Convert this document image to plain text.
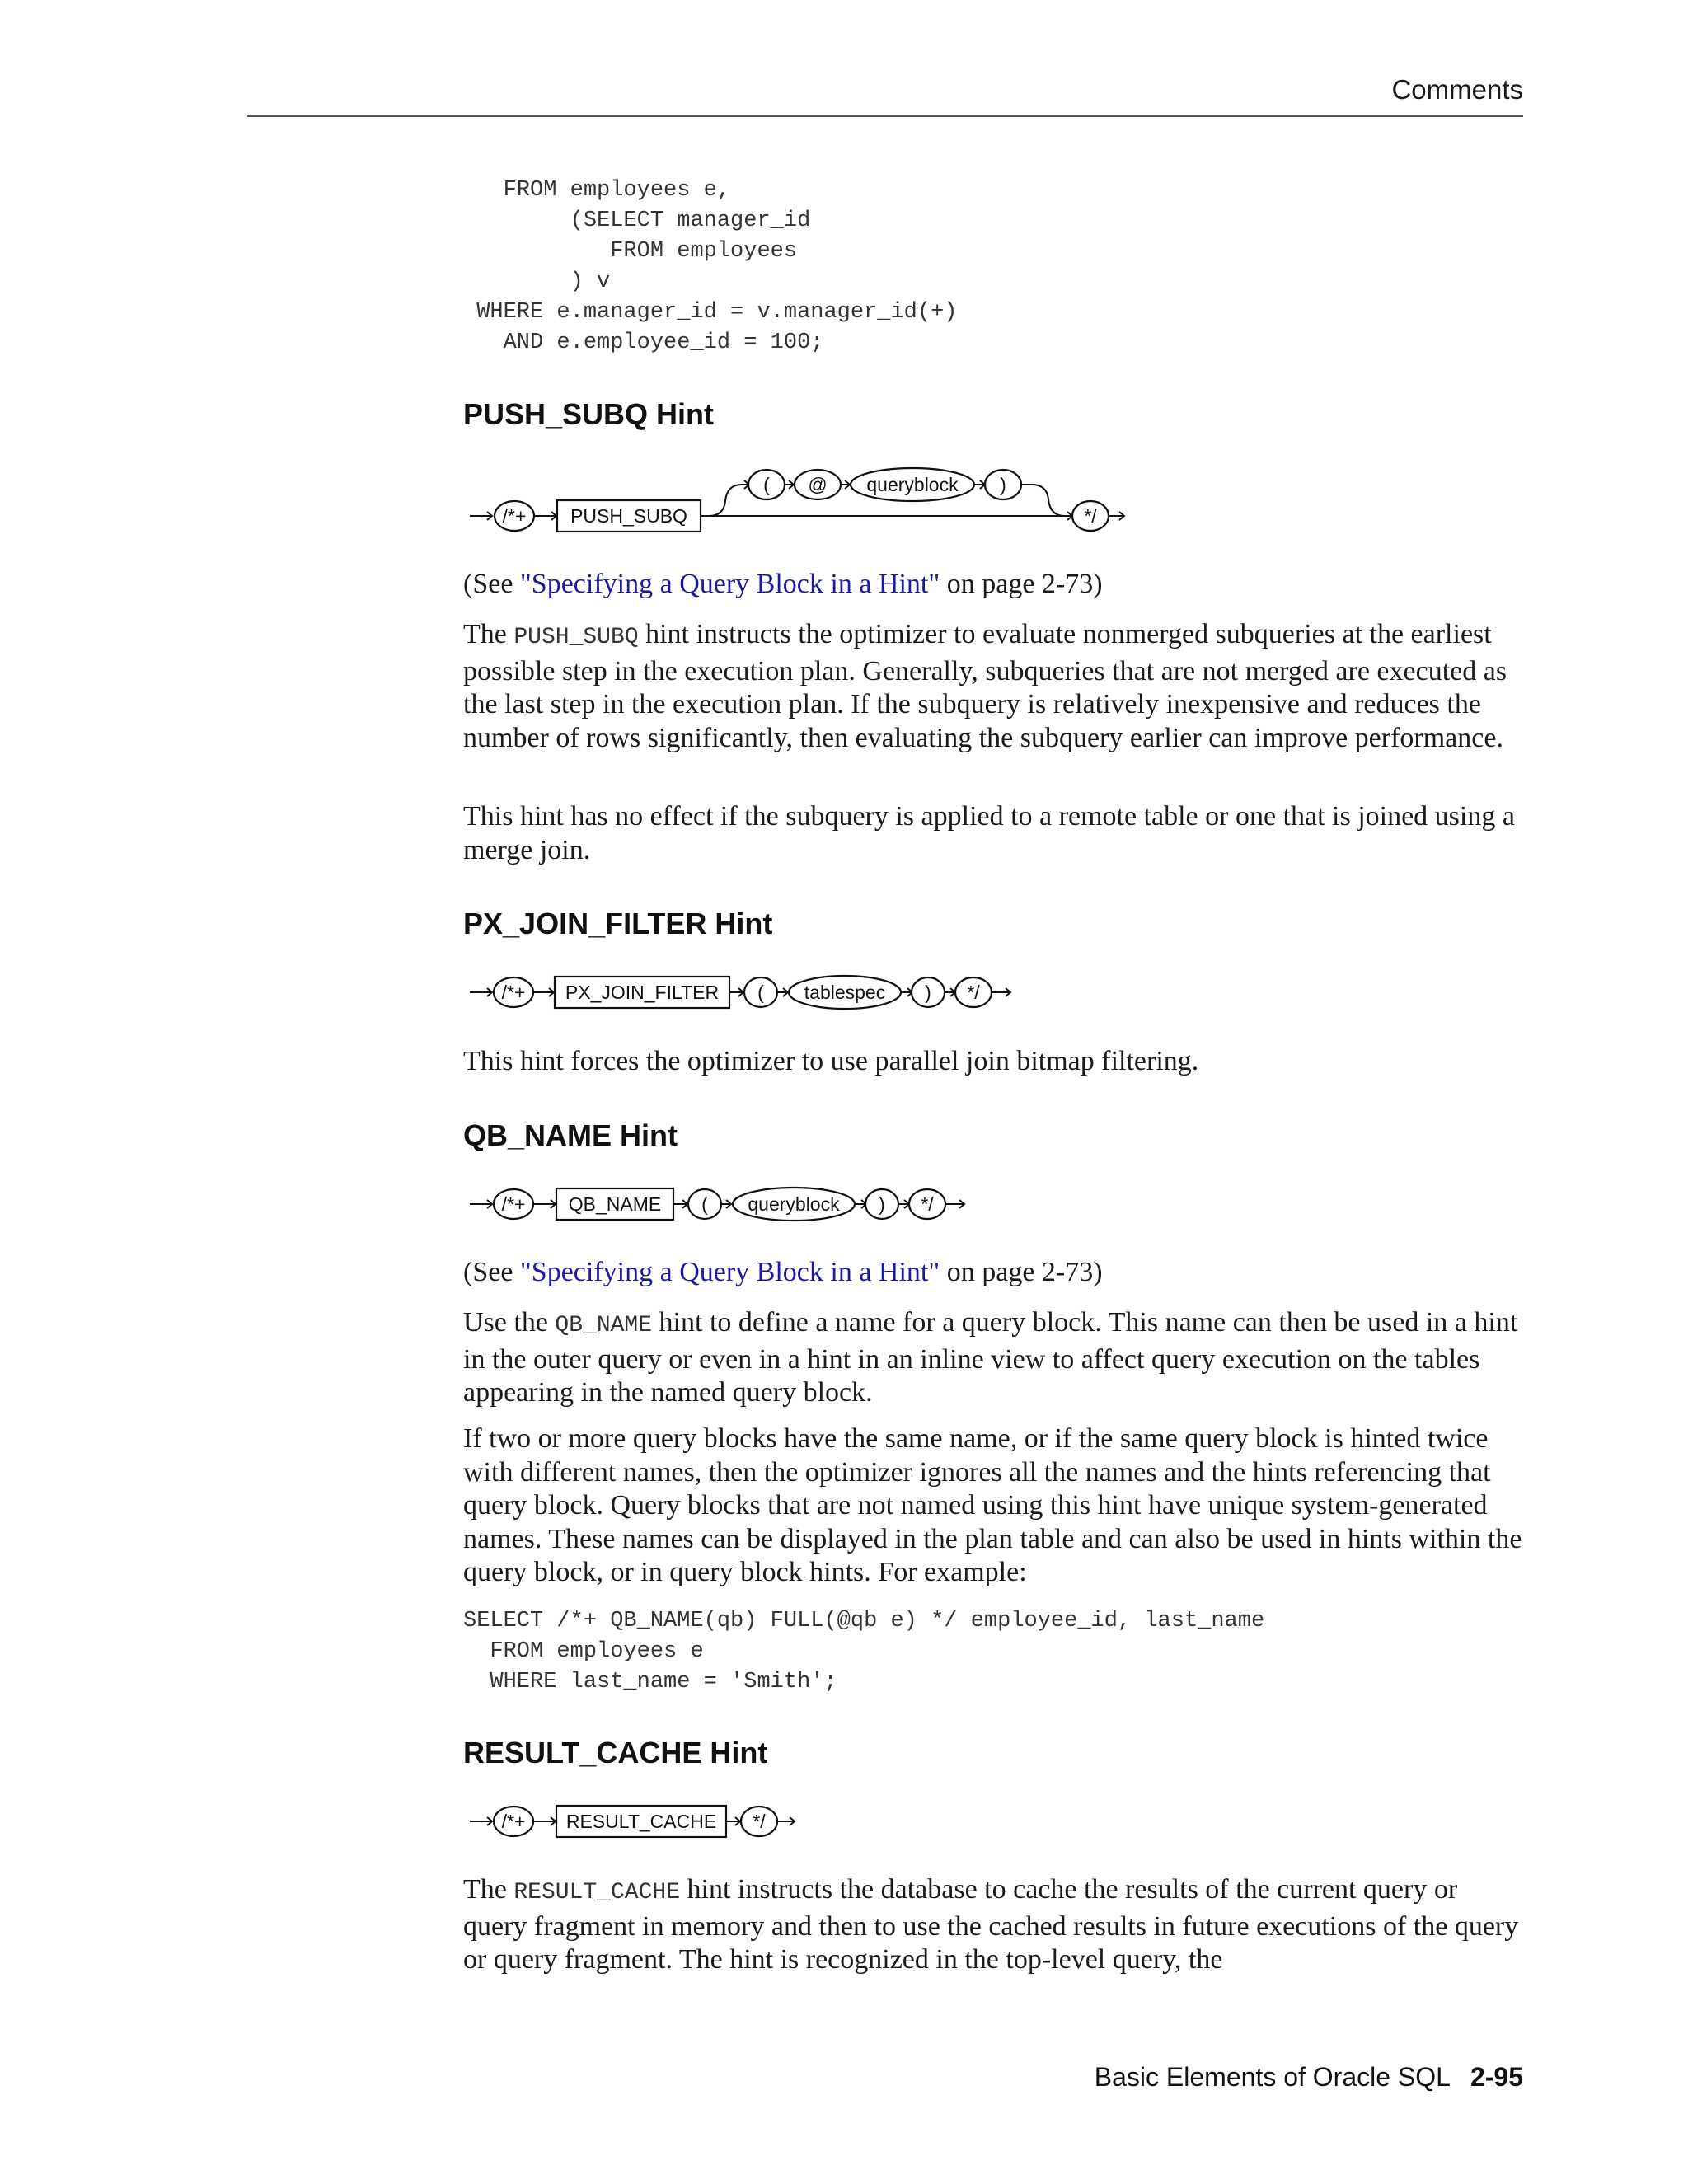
Comments
FROM employees e,
(SELECT manager_id
FROM employees
) v
WHERE e.manager_id = v.manager_id(+)
AND e.employee_id = 100;
PUSH_SUBQ Hint
/*+ PUSH_SUBQ
( @ queryblock )
*/

(See "Specifying a Query Block in a Hint" on page 2-73)

The PUSH_SUBQ hint instructs the optimizer to evaluate nonmerged subqueries at the earliest possible step in the execution plan. Generally, subqueries that are not merged are executed as the last step in the execution plan. If the subquery is relatively inexpensive and reduces the number of rows significantly, then evaluating the subquery earlier can improve performance.

This hint has no effect if the subquery is applied to a remote table or one that is joined using a merge join.

PX_JOIN_FILTER Hint
/*+ PX_JOIN_FILTER ( tablespec ) */

This hint forces the optimizer to use parallel join bitmap filtering.

QB_NAME Hint
/*+ QB_NAME ( queryblock ) */

(See "Specifying a Query Block in a Hint" on page 2-73)

Use the QB_NAME hint to define a name for a query block. This name can then be used in a hint in the outer query or even in a hint in an inline view to affect query execution on the tables appearing in the named query block.

If two or more query blocks have the same name, or if the same query block is hinted twice with different names, then the optimizer ignores all the names and the hints referencing that query block. Query blocks that are not named using this hint have unique system-generated names. These names can be displayed in the plan table and can also be used in hints within the query block, or in query block hints. For example:

SELECT /*+ QB_NAME(qb) FULL(@qb e) */ employee_id, last_name
FROM employees e
WHERE last_name = 'Smith';
RESULT_CACHE Hint
/*+ RESULT_CACHE */

The RESULT_CACHE hint instructs the database to cache the results of the current query or query fragment in memory and then to use the cached results in future executions of the query or query fragment. The hint is recognized in the top-level query, the

Basic Elements of Oracle SQL 2-95
